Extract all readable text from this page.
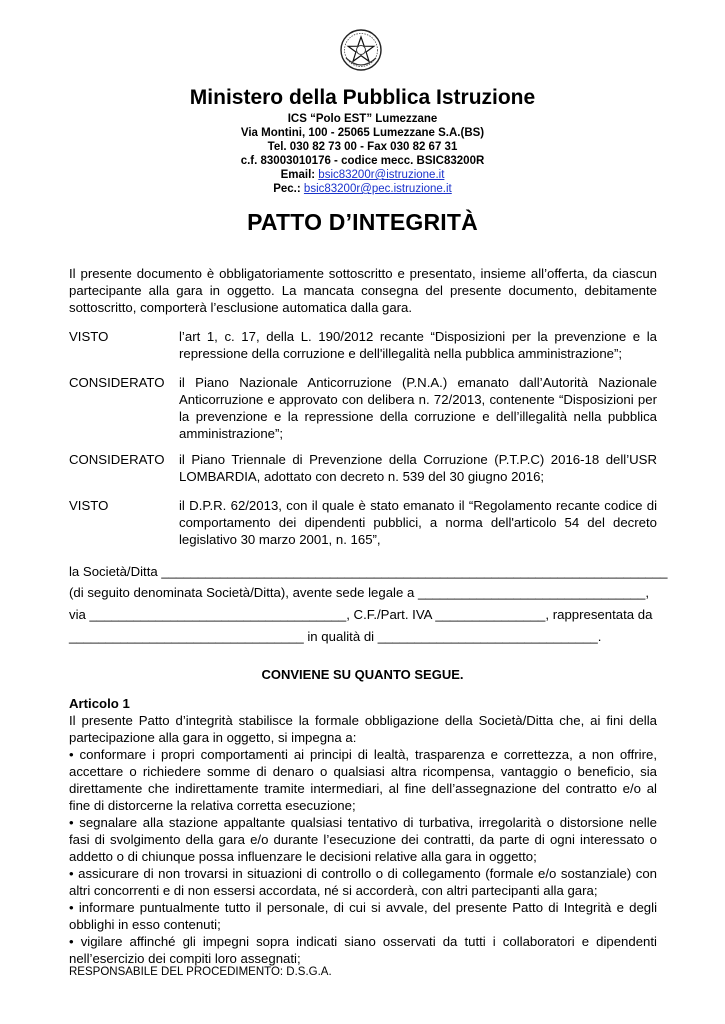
Ministero della Pubblica Istruzione
ICS “Polo EST” Lumezzane
Via Montini, 100 - 25065 Lumezzane S.A.(BS)
Tel. 030 82 73 00 - Fax 030 82 67 31
c.f. 83003010176 - codice mecc. BSIC83200R
Email: bsic83200r@istruzione.it
Pec.: bsic83200r@pec.istruzione.it
PATTO D’INTEGRITÀ
Il presente documento è obbligatoriamente sottoscritto e presentato, insieme all’offerta, da ciascun partecipante alla gara in oggetto. La mancata consegna del presente documento, debitamente sottoscritto, comporterà l’esclusione automatica dalla gara.
VISTO	l’art 1, c. 17, della L. 190/2012 recante “Disposizioni per la prevenzione e la repressione della corruzione e dell'illegalità nella pubblica amministrazione”;
CONSIDERATO il Piano Nazionale Anticorruzione (P.N.A.) emanato dall’Autorità Nazionale Anticorruzione e approvato con delibera n. 72/2013, contenente “Disposizioni per la prevenzione e la repressione della corruzione e dell’illegalità nella pubblica amministrazione”;
CONSIDERATO il Piano Triennale di Prevenzione della Corruzione (P.T.P.C) 2016-18 dell’USR LOMBARDIA, adottato con decreto n. 539 del 30 giugno 2016;
VISTO	il D.P.R. 62/2013, con il quale è stato emanato il “Regolamento recante codice di comportamento dei dipendenti pubblici, a norma dell'articolo 54 del decreto legislativo 30 marzo 2001, n. 165”,
la Società/Ditta _____________________________________________________________________
(di seguito denominata Società/Ditta), avente sede legale a _______________________________,
via ___________________________________, C.F./Part. IVA _______________, rappresentata da
________________________________ in qualità di ______________________________.
CONVIENE SU QUANTO SEGUE.
Articolo 1
Il presente Patto d’integrità stabilisce la formale obbligazione della Società/Ditta che, ai fini della partecipazione alla gara in oggetto, si impegna a:
• conformare i propri comportamenti ai principi di lealtà, trasparenza e correttezza, a non offrire, accettare o richiedere somme di denaro o qualsiasi altra ricompensa, vantaggio o beneficio, sia direttamente che indirettamente tramite intermediari, al fine dell’assegnazione del contratto e/o al fine di distorcerne la relativa corretta esecuzione;
• segnalare alla stazione appaltante qualsiasi tentativo di turbativa, irregolarità o distorsione nelle fasi di svolgimento della gara e/o durante l’esecuzione dei contratti, da parte di ogni interessato o addetto o di chiunque possa influenzare le decisioni relative alla gara in oggetto;
• assicurare di non trovarsi in situazioni di controllo o di collegamento (formale e/o sostanziale) con altri concorrenti e di non essersi accordata, né si accorderà, con altri partecipanti alla gara;
• informare puntualmente tutto il personale, di cui si avvale, del presente Patto di Integrità e degli obblighi in esso contenuti;
• vigilare affinché gli impegni sopra indicati siano osservati da tutti i collaboratori e dipendenti nell’esercizio dei compiti loro assegnati;
RESPONSABILE DEL PROCEDIMENTO: D.S.G.A.
